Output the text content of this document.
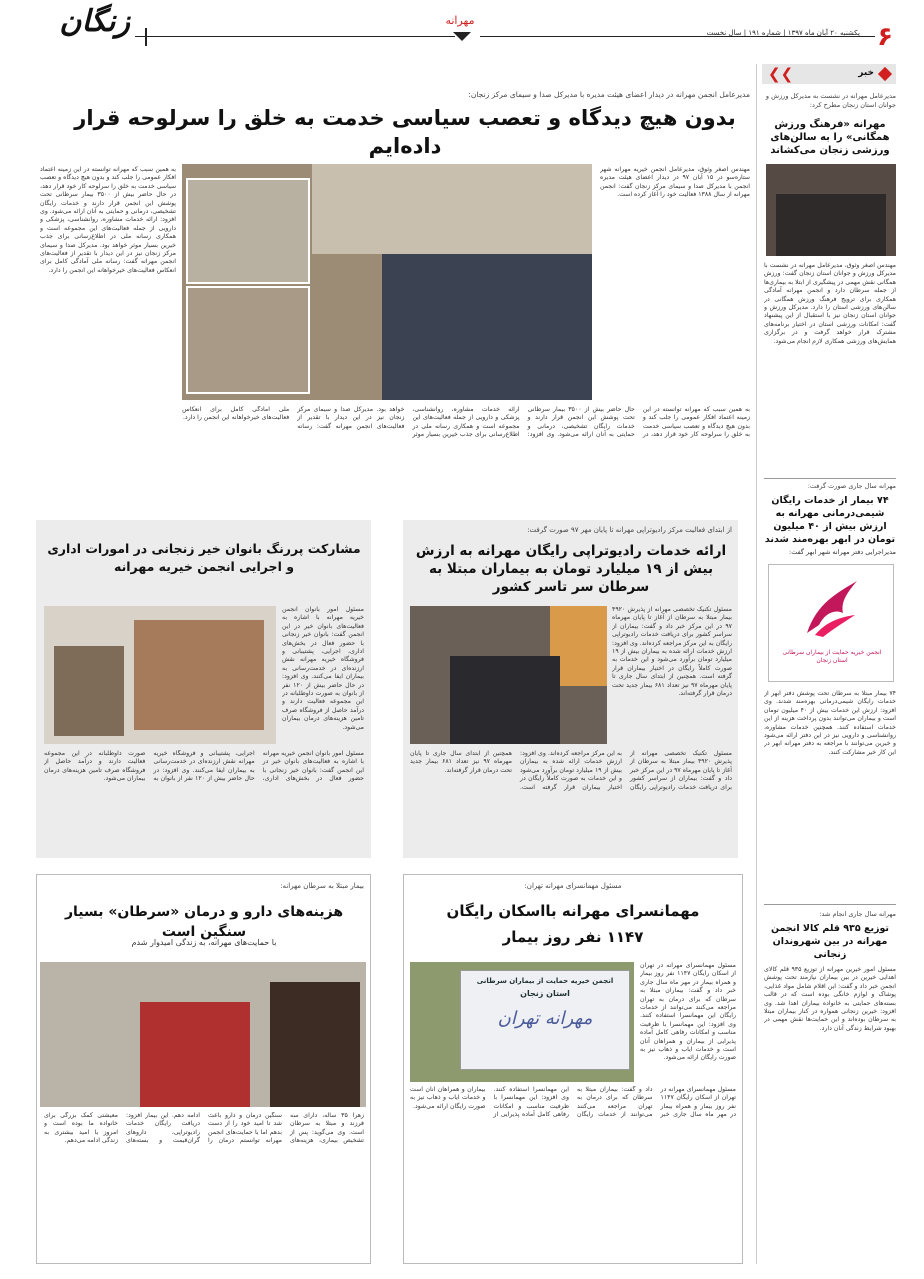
زنگان	مهرانه
یکشنبه ۲۰ آبان ماه ۱۳۹۷ | شماره ۱۹۱ | سال نخست ۶
خبر
❯❯
مدیرعامل انجمن مهرانه در دیدار اعضای هیئت مدیره با مدیرکل صدا و سیمای مرکز زنجان:
بدون هیچ دیدگاه و تعصب سیاسی خدمت به خلق را سرلوحه قرار داده‌ایم
مهندس اصغر وثوق، مدیرعامل انجمن خیریه مهرانه شهر ستاره‌سو در ۱۵ آبان ۹۷ در دیدار اعضای هیئت مدیره انجمن با مدیرکل صدا و سیمای مرکز زنجان گفت: انجمن مهرانه از سال ۱۳۸۸ فعالیت خود را آغاز کرده است.
به همین سبب که مهرانه توانسته در این زمینه اعتماد افکار عمومی را جلب کند و بدون هیچ دیدگاه و تعصب سیاسی خدمت به خلق را سرلوحه کار خود قرار دهد، در حال حاضر بیش از ۳۵۰۰ بیمار سرطانی تحت پوشش این انجمن قرار دارند و خدمات رایگان تشخیصی، درمانی و حمایتی به آنان ارائه می‌شود. وی افزود: ارائه خدمات مشاوره، روانشناسی، پزشکی و دارویی از جمله فعالیت‌های این مجموعه است و همکاری رسانه ملی در اطلاع‌رسانی برای جذب خیرین بسیار موثر خواهد بود. مدیرکل صدا و سیمای مرکز زنجان نیز در این دیدار با تقدیر از فعالیت‌های انجمن مهرانه گفت: رسانه ملی آمادگی کامل برای انعکاس فعالیت‌های خیرخواهانه این انجمن را دارد.
به همین سبب که مهرانه توانسته در این زمینه اعتماد افکار عمومی را جلب کند و بدون هیچ دیدگاه و تعصب سیاسی خدمت به خلق را سرلوحه کار خود قرار دهد، در حال حاضر بیش از ۳۵۰۰ بیمار سرطانی تحت پوشش این انجمن قرار دارند و خدمات رایگان تشخیصی، درمانی و حمایتی به آنان ارائه می‌شود. وی افزود: ارائه خدمات مشاوره، روانشناسی، پزشکی و دارویی از جمله فعالیت‌های این مجموعه است و همکاری رسانه ملی در اطلاع‌رسانی برای جذب خیرین بسیار موثر خواهد بود. مدیرکل صدا و سیمای مرکز زنجان نیز در این دیدار با تقدیر از فعالیت‌های انجمن مهرانه گفت: رسانه ملی آمادگی کامل برای انعکاس فعالیت‌های خیرخواهانه این انجمن را دارد.
از ابتدای فعالیت مرکز رادیوتراپی مهرانه تا پایان مهر ۹۷ صورت گرفت:
ارائه خدمات رادیوتراپی رایگان مهرانه به ارزش بیش از ۱۹ میلیارد تومان به بیماران مبتلا به سرطان سر تاسر کشور
مسئول تکنیک تخصصی مهرانه از پذیرش ۴۹۲۰ بیمار مبتلا به سرطان از آغاز تا پایان مهرماه ۹۷ در این مرکز خبر داد و گفت: بیماران از سراسر کشور برای دریافت خدمات رادیوتراپی رایگان به این مرکز مراجعه کرده‌اند. وی افزود: ارزش خدمات ارائه شده به بیماران بیش از ۱۹ میلیارد تومان برآورد می‌شود و این خدمات به صورت کاملاً رایگان در اختیار بیماران قرار گرفته است. همچنین از ابتدای سال جاری تا پایان مهرماه ۹۷ نیز تعداد ۶۸۱ بیمار جدید تحت درمان قرار گرفته‌اند.
مسئول تکنیک تخصصی مهرانه از پذیرش ۴۹۲۰ بیمار مبتلا به سرطان از آغاز تا پایان مهرماه ۹۷ در این مرکز خبر داد و گفت: بیماران از سراسر کشور برای دریافت خدمات رادیوتراپی رایگان به این مرکز مراجعه کرده‌اند. وی افزود: ارزش خدمات ارائه شده به بیماران بیش از ۱۹ میلیارد تومان برآورد می‌شود و این خدمات به صورت کاملاً رایگان در اختیار بیماران قرار گرفته است. همچنین از ابتدای سال جاری تا پایان مهرماه ۹۷ نیز تعداد ۶۸۱ بیمار جدید تحت درمان قرار گرفته‌اند.
مشارکت پررنگ بانوان خیر زنجانی در امورات اداری و اجرایی انجمن خیریه مهرانه
مسئول امور بانوان انجمن خیریه مهرانه با اشاره به فعالیت‌های بانوان خیر در این انجمن گفت: بانوان خیر زنجانی با حضور فعال در بخش‌های اداری، اجرایی، پشتیبانی و فروشگاه خیریه مهرانه نقش ارزنده‌ای در خدمت‌رسانی به بیماران ایفا می‌کنند. وی افزود: در حال حاضر بیش از ۱۲۰ نفر از بانوان به صورت داوطلبانه در این مجموعه فعالیت دارند و درآمد حاصل از فروشگاه صرف تامین هزینه‌های درمان بیماران می‌شود.
مسئول امور بانوان انجمن خیریه مهرانه با اشاره به فعالیت‌های بانوان خیر در این انجمن گفت: بانوان خیر زنجانی با حضور فعال در بخش‌های اداری، اجرایی، پشتیبانی و فروشگاه خیریه مهرانه نقش ارزنده‌ای در خدمت‌رسانی به بیماران ایفا می‌کنند. وی افزود: در حال حاضر بیش از ۱۲۰ نفر از بانوان به صورت داوطلبانه در این مجموعه فعالیت دارند و درآمد حاصل از فروشگاه صرف تامین هزینه‌های درمان بیماران می‌شود.
بیمار مبتلا به سرطان مهرانه:
هزینه‌های دارو و درمان «سرطان» بسیار سنگین است
با حمایت‌های مهرانه، به زندگی امیدوار شدم
زهرا ۳۵ ساله، دارای سه فرزند و مبتلا به سرطان است. وی می‌گوید: پس از تشخیص بیماری، هزینه‌های سنگین درمان و دارو باعث شد تا امید خود را از دست بدهم اما با حمایت‌های انجمن مهرانه توانستم درمان را ادامه دهم. این بیمار افزود: دریافت رایگان خدمات رادیوتراپی، داروهای گران‌قیمت و بسته‌های معیشتی کمک بزرگی برای خانواده ما بوده است و امروز با امید بیشتری به زندگی ادامه می‌دهم.
مسئول مهمانسرای مهرانه تهران:
مهمانسرای مهرانه بااسکان رایگان
۱۱۴۷ نفر روز بیمار
انجمن خیریه حمایت از بیماران سرطانی
استان زنجان
مهرانه تهران
مسئول مهمانسرای مهرانه در تهران از اسکان رایگان ۱۱۴۷ نفر روز بیمار و همراه بیمار در مهر ماه سال جاری خبر داد و گفت: بیماران مبتلا به سرطان که برای درمان به تهران مراجعه می‌کنند می‌توانند از خدمات رایگان این مهمانسرا استفاده کنند. وی افزود: این مهمانسرا با ظرفیت مناسب و امکانات رفاهی کامل آماده پذیرایی از بیماران و همراهان آنان است و خدمات ایاب و ذهاب نیز به صورت رایگان ارائه می‌شود.
مسئول مهمانسرای مهرانه در تهران از اسکان رایگان ۱۱۴۷ نفر روز بیمار و همراه بیمار در مهر ماه سال جاری خبر داد و گفت: بیماران مبتلا به سرطان که برای درمان به تهران مراجعه می‌کنند می‌توانند از خدمات رایگان این مهمانسرا استفاده کنند. وی افزود: این مهمانسرا با ظرفیت مناسب و امکانات رفاهی کامل آماده پذیرایی از بیماران و همراهان آنان است و خدمات ایاب و ذهاب نیز به صورت رایگان ارائه می‌شود.
مدیرعامل مهرانه در نشست به مدیرکل ورزش و جوانان استان زنجان مطرح کرد:
مهرانه «فرهنگ ورزش همگانی» را به سالن‌های ورزشی زنجان می‌کشاند
مهندس اصغر وثوق، مدیرعامل مهرانه در نشست با مدیرکل ورزش و جوانان استان زنجان گفت: ورزش همگانی نقش مهمی در پیشگیری از ابتلا به بیماری‌ها از جمله سرطان دارد و انجمن مهرانه آمادگی همکاری برای ترویج فرهنگ ورزش همگانی در سالن‌های ورزشی استان را دارد. مدیرکل ورزش و جوانان استان زنجان نیز با استقبال از این پیشنهاد گفت: امکانات ورزشی استان در اختیار برنامه‌های مشترک قرار خواهد گرفت و در برگزاری همایش‌های ورزشی همکاری لازم انجام می‌شود.
مهرانه سال جاری صورت گرفت:
۷۴ بیمار از خدمات رایگان شیمی‌درمانی مهرانه به ارزش بیش از ۴۰ میلیون تومان در ابهر بهره‌مند شدند
مدیراجرایی دفتر مهرانه شهر ابهر گفت:
انجمن خیریه حمایت از بیماران سرطانی استان زنجان
۷۴ بیمار مبتلا به سرطان تحت پوشش دفتر ابهر از خدمات رایگان شیمی‌درمانی بهره‌مند شدند. وی افزود: ارزش این خدمات بیش از ۴۰ میلیون تومان است و بیماران می‌توانند بدون پرداخت هزینه از این خدمات استفاده کنند. همچنین خدمات مشاوره، روانشناسی و دارویی نیز در این دفتر ارائه می‌شود و خیرین می‌توانند با مراجعه به دفتر مهرانه ابهر در این کار خیر مشارکت کنند.
مهرانه سال جاری انجام شد:
توزیع ۹۳۵ قلم کالا انجمن مهرانه در بین شهروندان زنجانی
مسئول امور خیرین مهرانه از توزیع ۹۳۵ قلم کالای اهدایی خیرین در بین بیماران نیازمند تحت پوشش انجمن خبر داد و گفت: این اقلام شامل مواد غذایی، پوشاک و لوازم خانگی بوده است که در قالب بسته‌های حمایتی به خانواده بیماران اهدا شد. وی افزود: خیرین زنجانی همواره در کنار بیماران مبتلا به سرطان بوده‌اند و این حمایت‌ها نقش مهمی در بهبود شرایط زندگی آنان دارد.
